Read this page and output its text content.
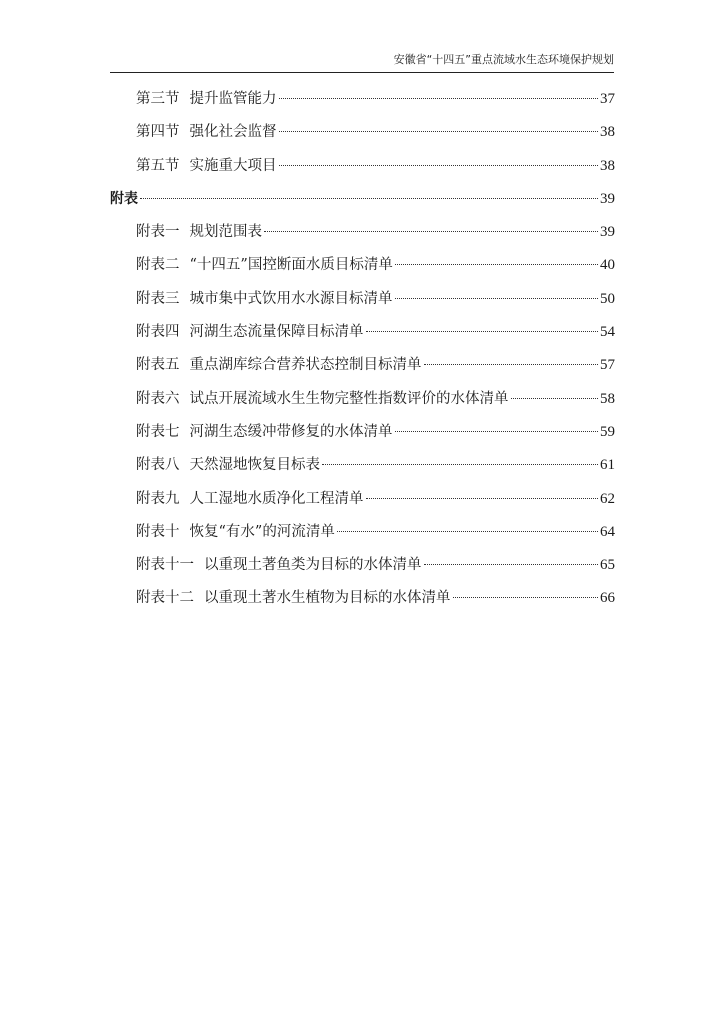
安徽省“十四五”重点流域水生态环境保护规划
第三节 提升监管能力	37
第四节 强化社会监督	38
第五节 实施重大项目	38
附表	39
附表一 规划范围表	39
附表二 “十四五”国控断面水质目标清单	40
附表三 城市集中式饮用水水源目标清单	50
附表四 河湖生态流量保障目标清单	54
附表五 重点湖库综合营养状态控制目标清单	57
附表六 试点开展流域水生生物完整性指数评价的水体清单	58
附表七 河湖生态缓冲带修复的水体清单	59
附表八 天然湿地恢复目标表	61
附表九 人工湿地水质净化工程清单	62
附表十 恢复“有水”的河流清单	64
附表十一 以重现土著鱼类为目标的水体清单	65
附表十二 以重现土著水生植物为目标的水体清单	66
